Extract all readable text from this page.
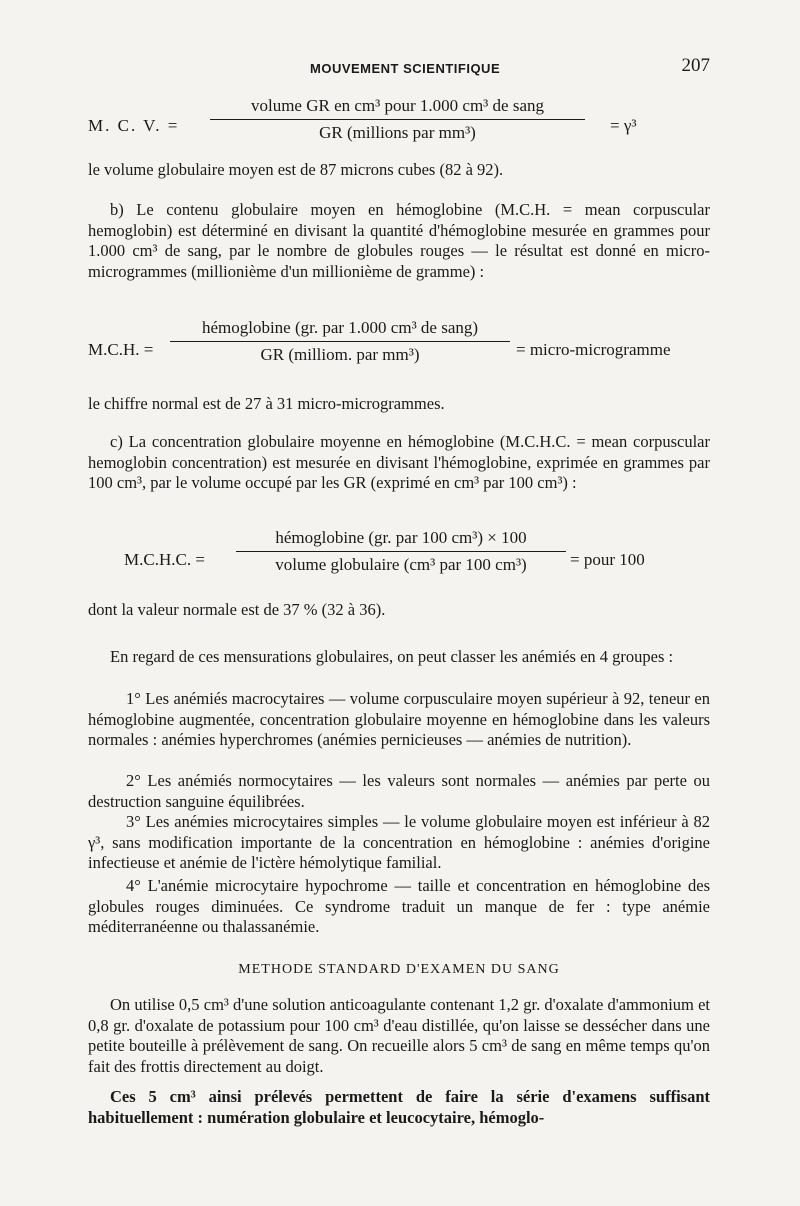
MOUVEMENT SCIENTIFIQUE	207
M. C. V. =
volume GR en cm³ pour 1.000 cm³ de sang
GR (millions par mm³)	= γ³

le volume globulaire moyen est de 87 microns cubes (82 à 92).

b) Le contenu globulaire moyen en hémoglobine (M.C.H. = mean corpuscular hemoglobin) est déterminé en divisant la quantité d'hémoglobine mesurée en grammes pour 1.000 cm³ de sang, par le nombre de globules rouges — le résultat est donné en micro-microgrammes (millionième d'un millionième de gramme) :

M.C.H. =
hémoglobine (gr. par 1.000 cm³ de sang)
GR (milliom. par mm³)	= micro-microgramme

le chiffre normal est de 27 à 31 micro-microgrammes.

c) La concentration globulaire moyenne en hémoglobine (M.C.H.C. = mean corpuscular hemoglobin concentration) est mesurée en divisant l'hémoglobine, exprimée en grammes par 100 cm³, par le volume occupé par les GR (exprimé en cm³ par 100 cm³) :

M.C.H.C. =
hémoglobine (gr. par 100 cm³) × 100
volume globulaire (cm³ par 100 cm³)	= pour 100

dont la valeur normale est de 37 % (32 à 36).

En regard de ces mensurations globulaires, on peut classer les anémiés en 4 groupes :

1° Les anémiés macrocytaires — volume corpusculaire moyen supérieur à 92, teneur en hémoglobine augmentée, concentration globulaire moyenne en hémoglobine dans les valeurs normales : anémies hyperchromes (anémies pernicieuses — anémies de nutrition).

2° Les anémiés normocytaires — les valeurs sont normales — anémies par perte ou destruction sanguine équilibrées.

3° Les anémies microcytaires simples — le volume globulaire moyen est inférieur à 82 γ³, sans modification importante de la concentration en hémoglobine : anémies d'origine infectieuse et anémie de l'ictère hémolytique familial.

4° L'anémie microcytaire hypochrome — taille et concentration en hémoglobine des globules rouges diminuées. Ce syndrome traduit un manque de fer : type anémie méditerranéenne ou thalassanémie.

METHODE STANDARD D'EXAMEN DU SANG

On utilise 0,5 cm³ d'une solution anticoagulante contenant 1,2 gr. d'oxalate d'ammonium et 0,8 gr. d'oxalate de potassium pour 100 cm³ d'eau distillée, qu'on laisse se dessécher dans une petite bouteille à prélèvement de sang. On recueille alors 5 cm³ de sang en même temps qu'on fait des frottis directement au doigt.

Ces 5 cm³ ainsi prélevés permettent de faire la série d'examens suffisant habituellement : numération globulaire et leucocytaire, hémoglo-
